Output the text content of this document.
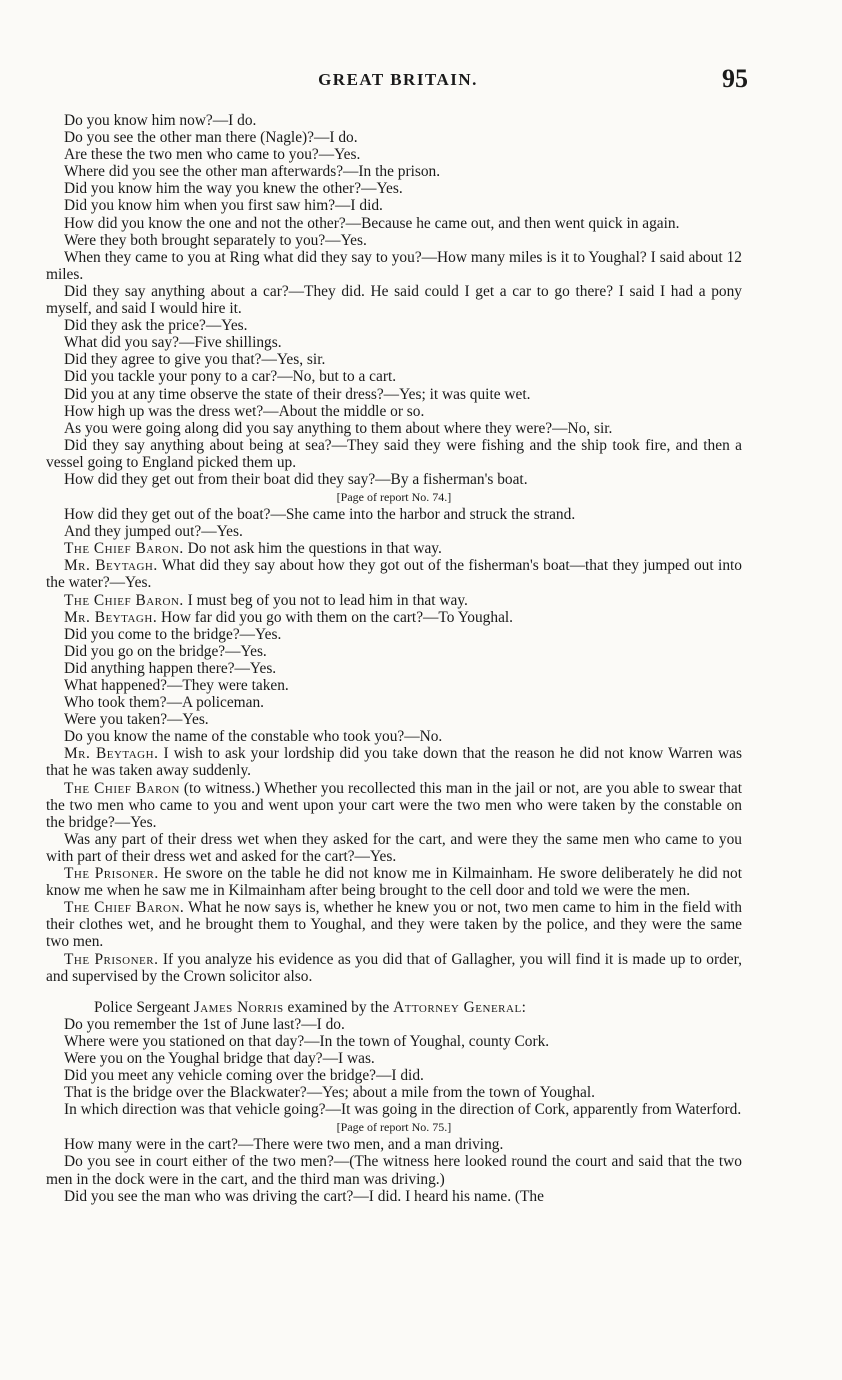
GREAT BRITAIN.	95

Do you know him now?—I do.

Do you see the other man there (Nagle)?—I do.

Are these the two men who came to you?—Yes.

Where did you see the other man afterwards?—In the prison.

Did you know him the way you knew the other?—Yes.

Did you know him when you first saw him?—I did.

How did you know the one and not the other?—Because he came out, and then went quick in again.

Were they both brought separately to you?—Yes.

When they came to you at Ring what did they say to you?—How many miles is it to Youghal? I said about 12 miles.

Did they say anything about a car?—They did. He said could I get a car to go there? I said I had a pony myself, and said I would hire it.

Did they ask the price?—Yes.

What did you say?—Five shillings.

Did they agree to give you that?—Yes, sir.

Did you tackle your pony to a car?—No, but to a cart.

Did you at any time observe the state of their dress?—Yes; it was quite wet.

How high up was the dress wet?—About the middle or so.

As you were going along did you say anything to them about where they were?—No, sir.

Did they say anything about being at sea?—They said they were fishing and the ship took fire, and then a vessel going to England picked them up.

How did they get out from their boat did they say?—By a fisherman's boat.

[Page of report No. 74.]

How did they get out of the boat?—She came into the harbor and struck the strand.

And they jumped out?—Yes.

The Chief Baron. Do not ask him the questions in that way.

Mr. Beytagh. What did they say about how they got out of the fisherman's boat—that they jumped out into the water?—Yes.

The Chief Baron. I must beg of you not to lead him in that way.

Mr. Beytagh. How far did you go with them on the cart?—To Youghal.

Did you come to the bridge?—Yes.

Did you go on the bridge?—Yes.

Did anything happen there?—Yes.

What happened?—They were taken.

Who took them?—A policeman.

Were you taken?—Yes.

Do you know the name of the constable who took you?—No.

Mr. Beytagh. I wish to ask your lordship did you take down that the reason he did not know Warren was that he was taken away suddenly.

The Chief Baron (to witness.) Whether you recollected this man in the jail or not, are you able to swear that the two men who came to you and went upon your cart were the two men who were taken by the constable on the bridge?—Yes.

Was any part of their dress wet when they asked for the cart, and were they the same men who came to you with part of their dress wet and asked for the cart?—Yes.

The Prisoner. He swore on the table he did not know me in Kilmainham. He swore deliberately he did not know me when he saw me in Kilmainham after being brought to the cell door and told we were the men.

The Chief Baron. What he now says is, whether he knew you or not, two men came to him in the field with their clothes wet, and he brought them to Youghal, and they were taken by the police, and they were the same two men.

The Prisoner. If you analyze his evidence as you did that of Gallagher, you will find it is made up to order, and supervised by the Crown solicitor also.

Police Sergeant James Norris examined by the Attorney General:

Do you remember the 1st of June last?—I do.

Where were you stationed on that day?—In the town of Youghal, county Cork.

Were you on the Youghal bridge that day?—I was.

Did you meet any vehicle coming over the bridge?—I did.

That is the bridge over the Blackwater?—Yes; about a mile from the town of Youghal.

In which direction was that vehicle going?—It was going in the direction of Cork, apparently from Waterford.

[Page of report No. 75.]

How many were in the cart?—There were two men, and a man driving.

Do you see in court either of the two men?—(The witness here looked round the court and said that the two men in the dock were in the cart, and the third man was driving.)

Did you see the man who was driving the cart?—I did. I heard his name. (The
